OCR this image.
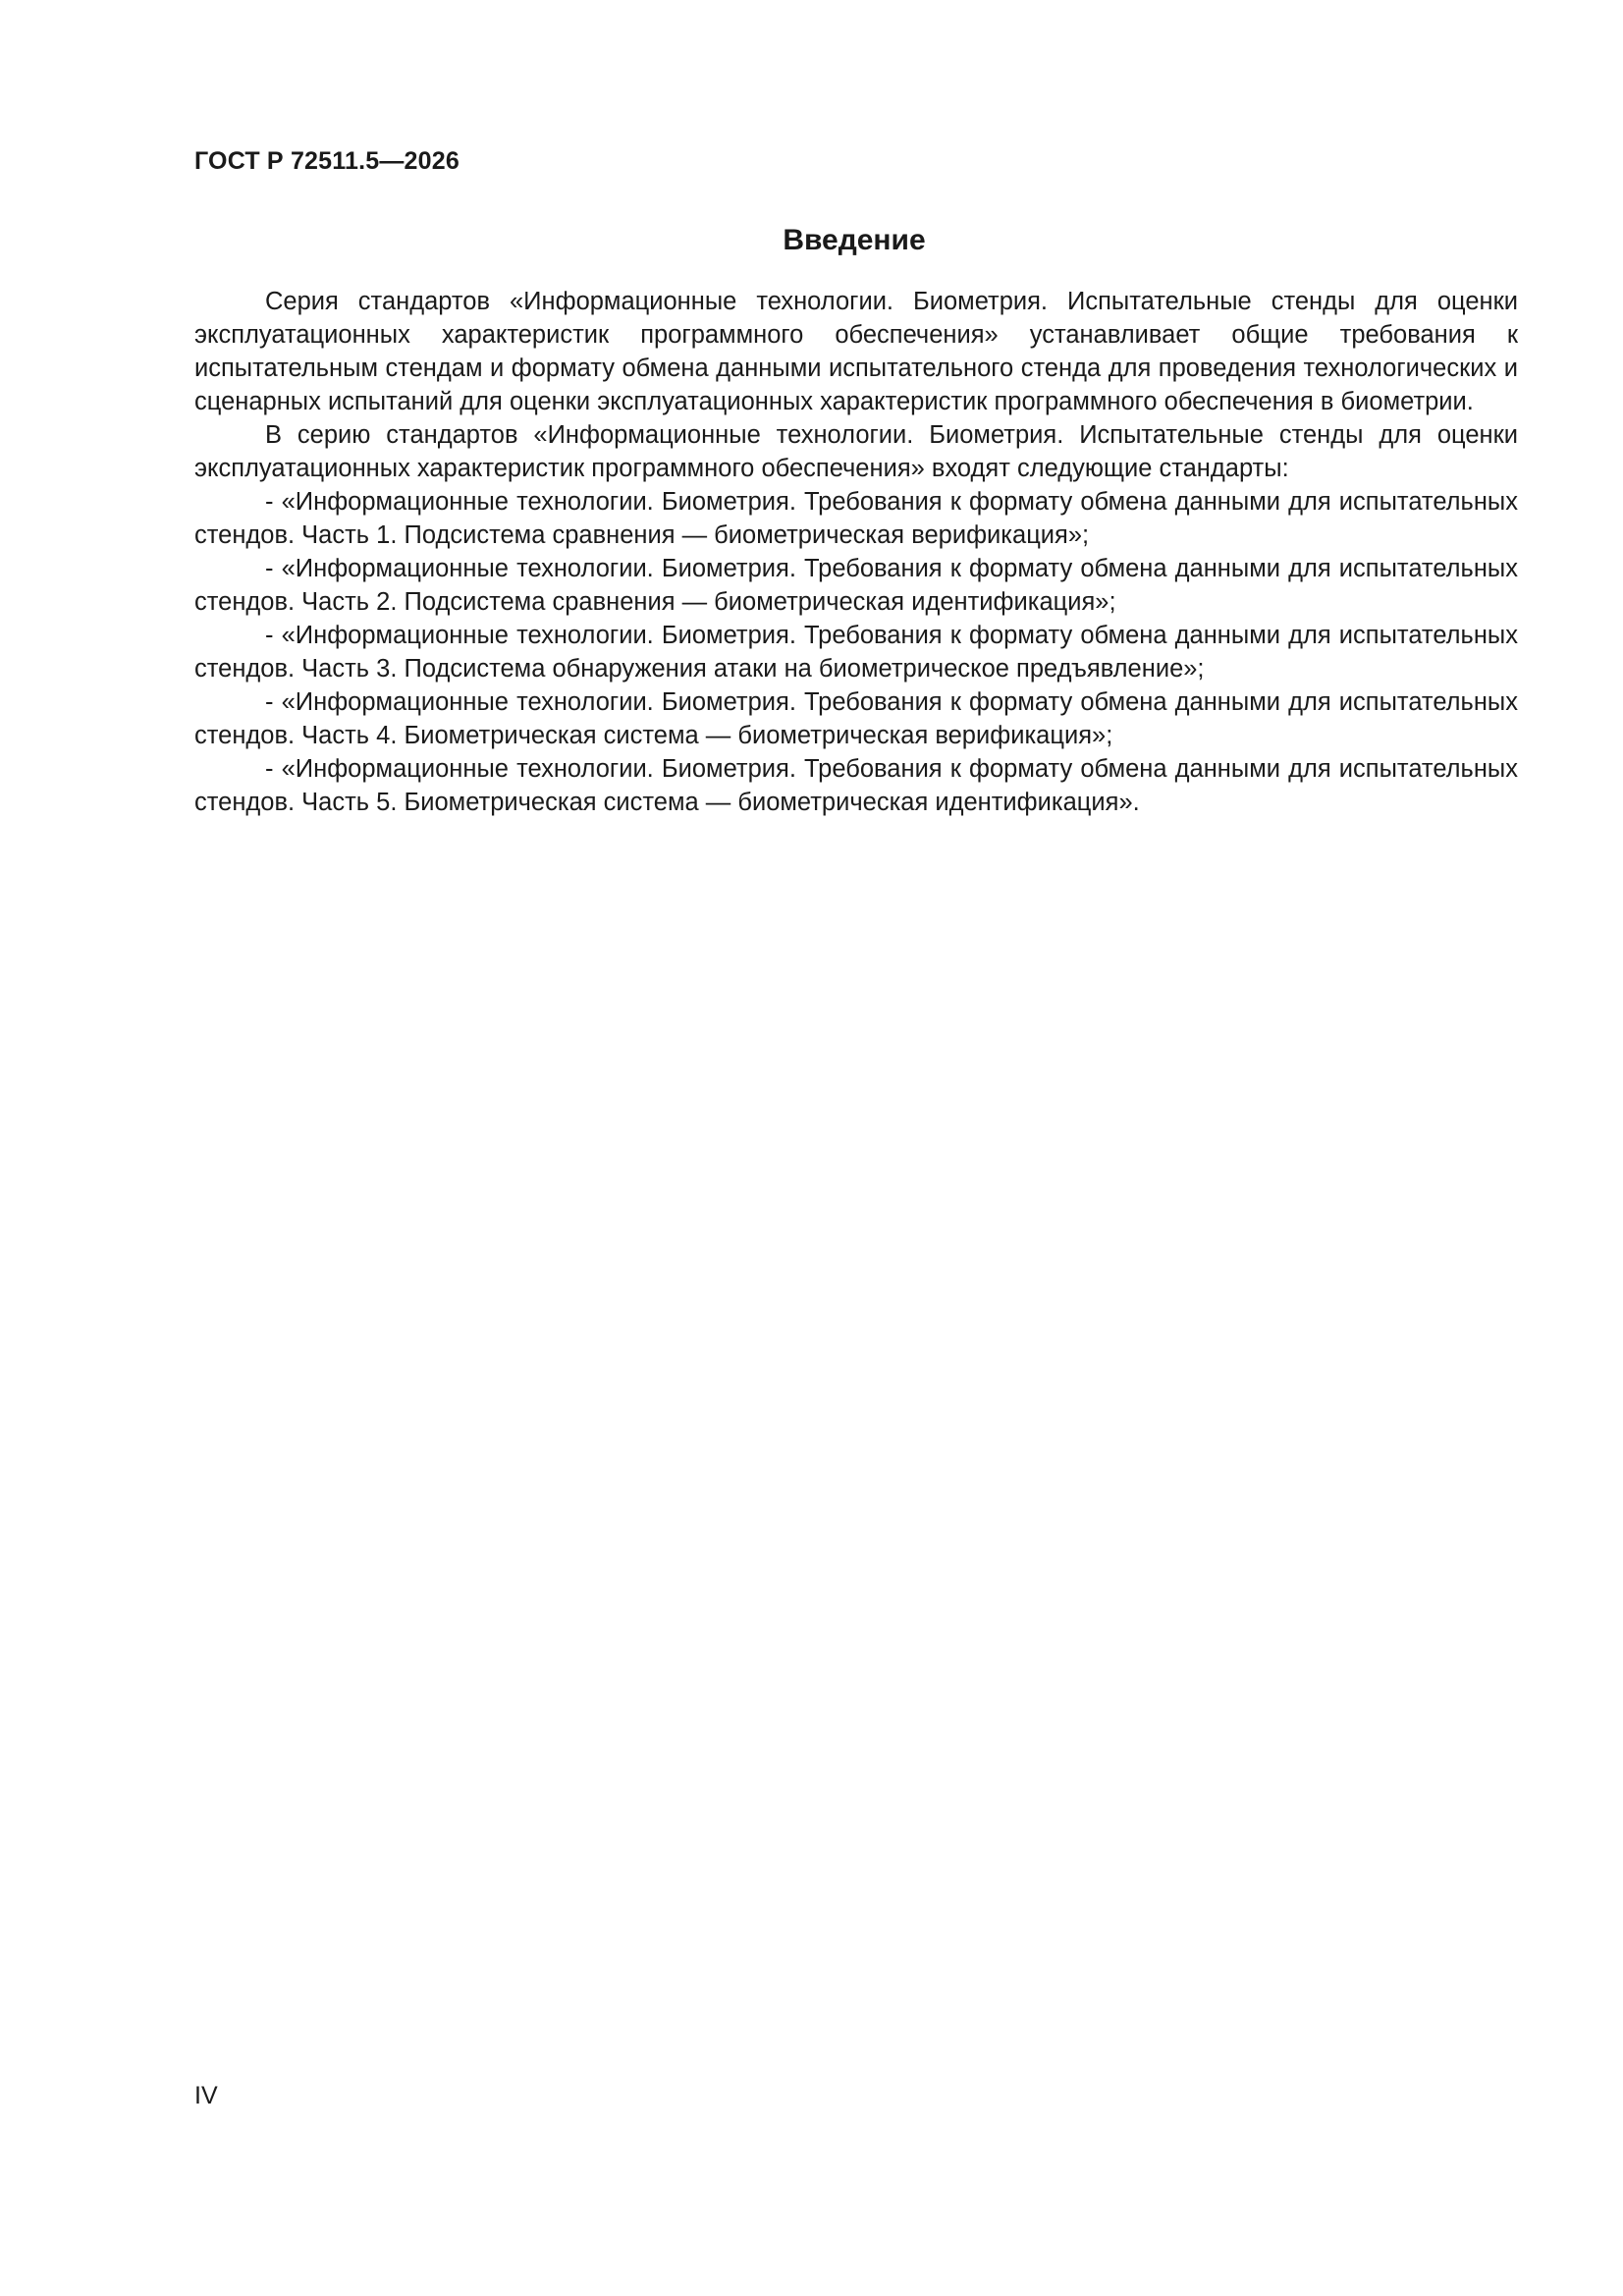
ГОСТ Р 72511.5—2026
Введение

Серия стандартов «Информационные технологии. Биометрия. Испытательные стенды для оценки эксплуатационных характеристик программного обеспечения» устанавливает общие требования к испытательным стендам и формату обмена данными испытательного стенда для проведения технологических и сценарных испытаний для оценки эксплуатационных характеристик программного обеспечения в биометрии.

В серию стандартов «Информационные технологии. Биометрия. Испытательные стенды для оценки эксплуатационных характеристик программного обеспечения» входят следующие стандарты:

- «Информационные технологии. Биометрия. Требования к формату обмена данными для испытательных стендов. Часть 1. Подсистема сравнения — биометрическая верификация»;
- «Информационные технологии. Биометрия. Требования к формату обмена данными для испытательных стендов. Часть 2. Подсистема сравнения — биометрическая идентификация»;
- «Информационные технологии. Биометрия. Требования к формату обмена данными для испытательных стендов. Часть 3. Подсистема обнаружения атаки на биометрическое предъявление»;
- «Информационные технологии. Биометрия. Требования к формату обмена данными для испытательных стендов. Часть 4. Биометрическая система — биометрическая верификация»;
- «Информационные технологии. Биометрия. Требования к формату обмена данными для испытательных стендов. Часть 5. Биометрическая система — биометрическая идентификация».
IV
